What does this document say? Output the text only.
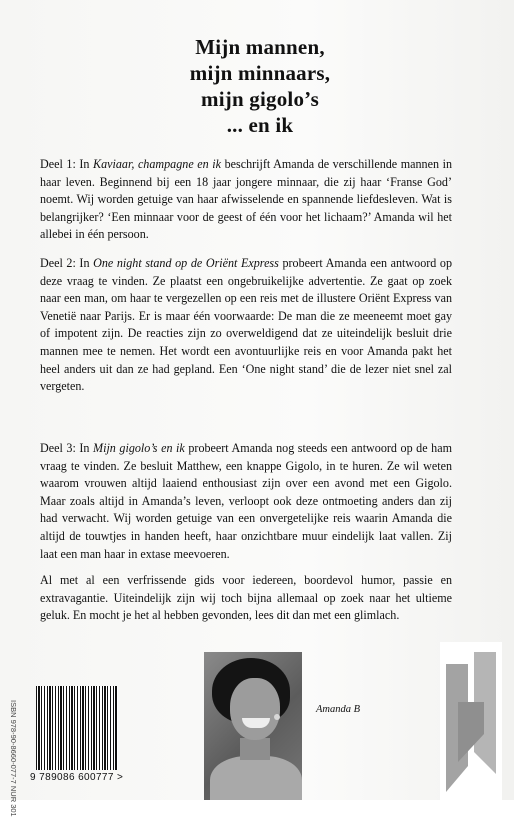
Mijn mannen,
mijn minnaars,
mijn gigolo’s
... en ik
Deel 1: In Kaviaar, champagne en ik beschrijft Amanda de verschillende mannen in haar leven. Beginnend bij een 18 jaar jongere minnaar, die zij haar ‘Franse God’ noemt. Wij worden getuige van haar afwisselende en spannende liefdesleven. Wat is belangrijker? ‘Een minnaar voor de geest of één voor het lichaam?’ Amanda wil het allebei in één persoon.
Deel 2: In One night stand op de Oriënt Express probeert Amanda een antwoord op deze vraag te vinden. Ze plaatst een ongebruikelijke advertentie. Ze gaat op zoek naar een man, om haar te vergezellen op een reis met de illustere Oriënt Express van Venetië naar Parijs. Er is maar één voorwaarde: De man die ze meeneemt moet gay of impotent zijn. De reacties zijn zo overweldigend dat ze uiteindelijk besluit drie mannen mee te nemen. Het wordt een avontuurlijke reis en voor Amanda pakt het heel anders uit dan ze had gepland. Een ‘One night stand’ die de lezer niet snel zal vergeten.
Deel 3: In Mijn gigolo’s en ik probeert Amanda nog steeds een antwoord op de ham vraag te vinden. Ze besluit Matthew, een knappe Gigolo, in te huren. Ze wil weten waarom vrouwen altijd laaiend enthousiast zijn over een avond met een Gigolo. Maar zoals altijd in Amanda’s leven, verloopt ook deze ontmoeting anders dan zij had verwacht. Wij worden getuige van een onvergetelijke reis waarin Amanda die altijd de touwtjes in handen heeft, haar onzichtbare muur eindelijk laat vallen. Zij laat een man haar in extase meevoeren.
Al met al een verfrissende gids voor iedereen, boordevol humor, passie en extravagantie. Uiteindelijk zijn wij toch bijna allemaal op zoek naar het ultieme geluk. En mocht je het al hebben gevonden, lees dit dan met een glimlach.
ISBN 978-90-8660-077-7 NUR 301 9 789086 600777 >
Amanda B
